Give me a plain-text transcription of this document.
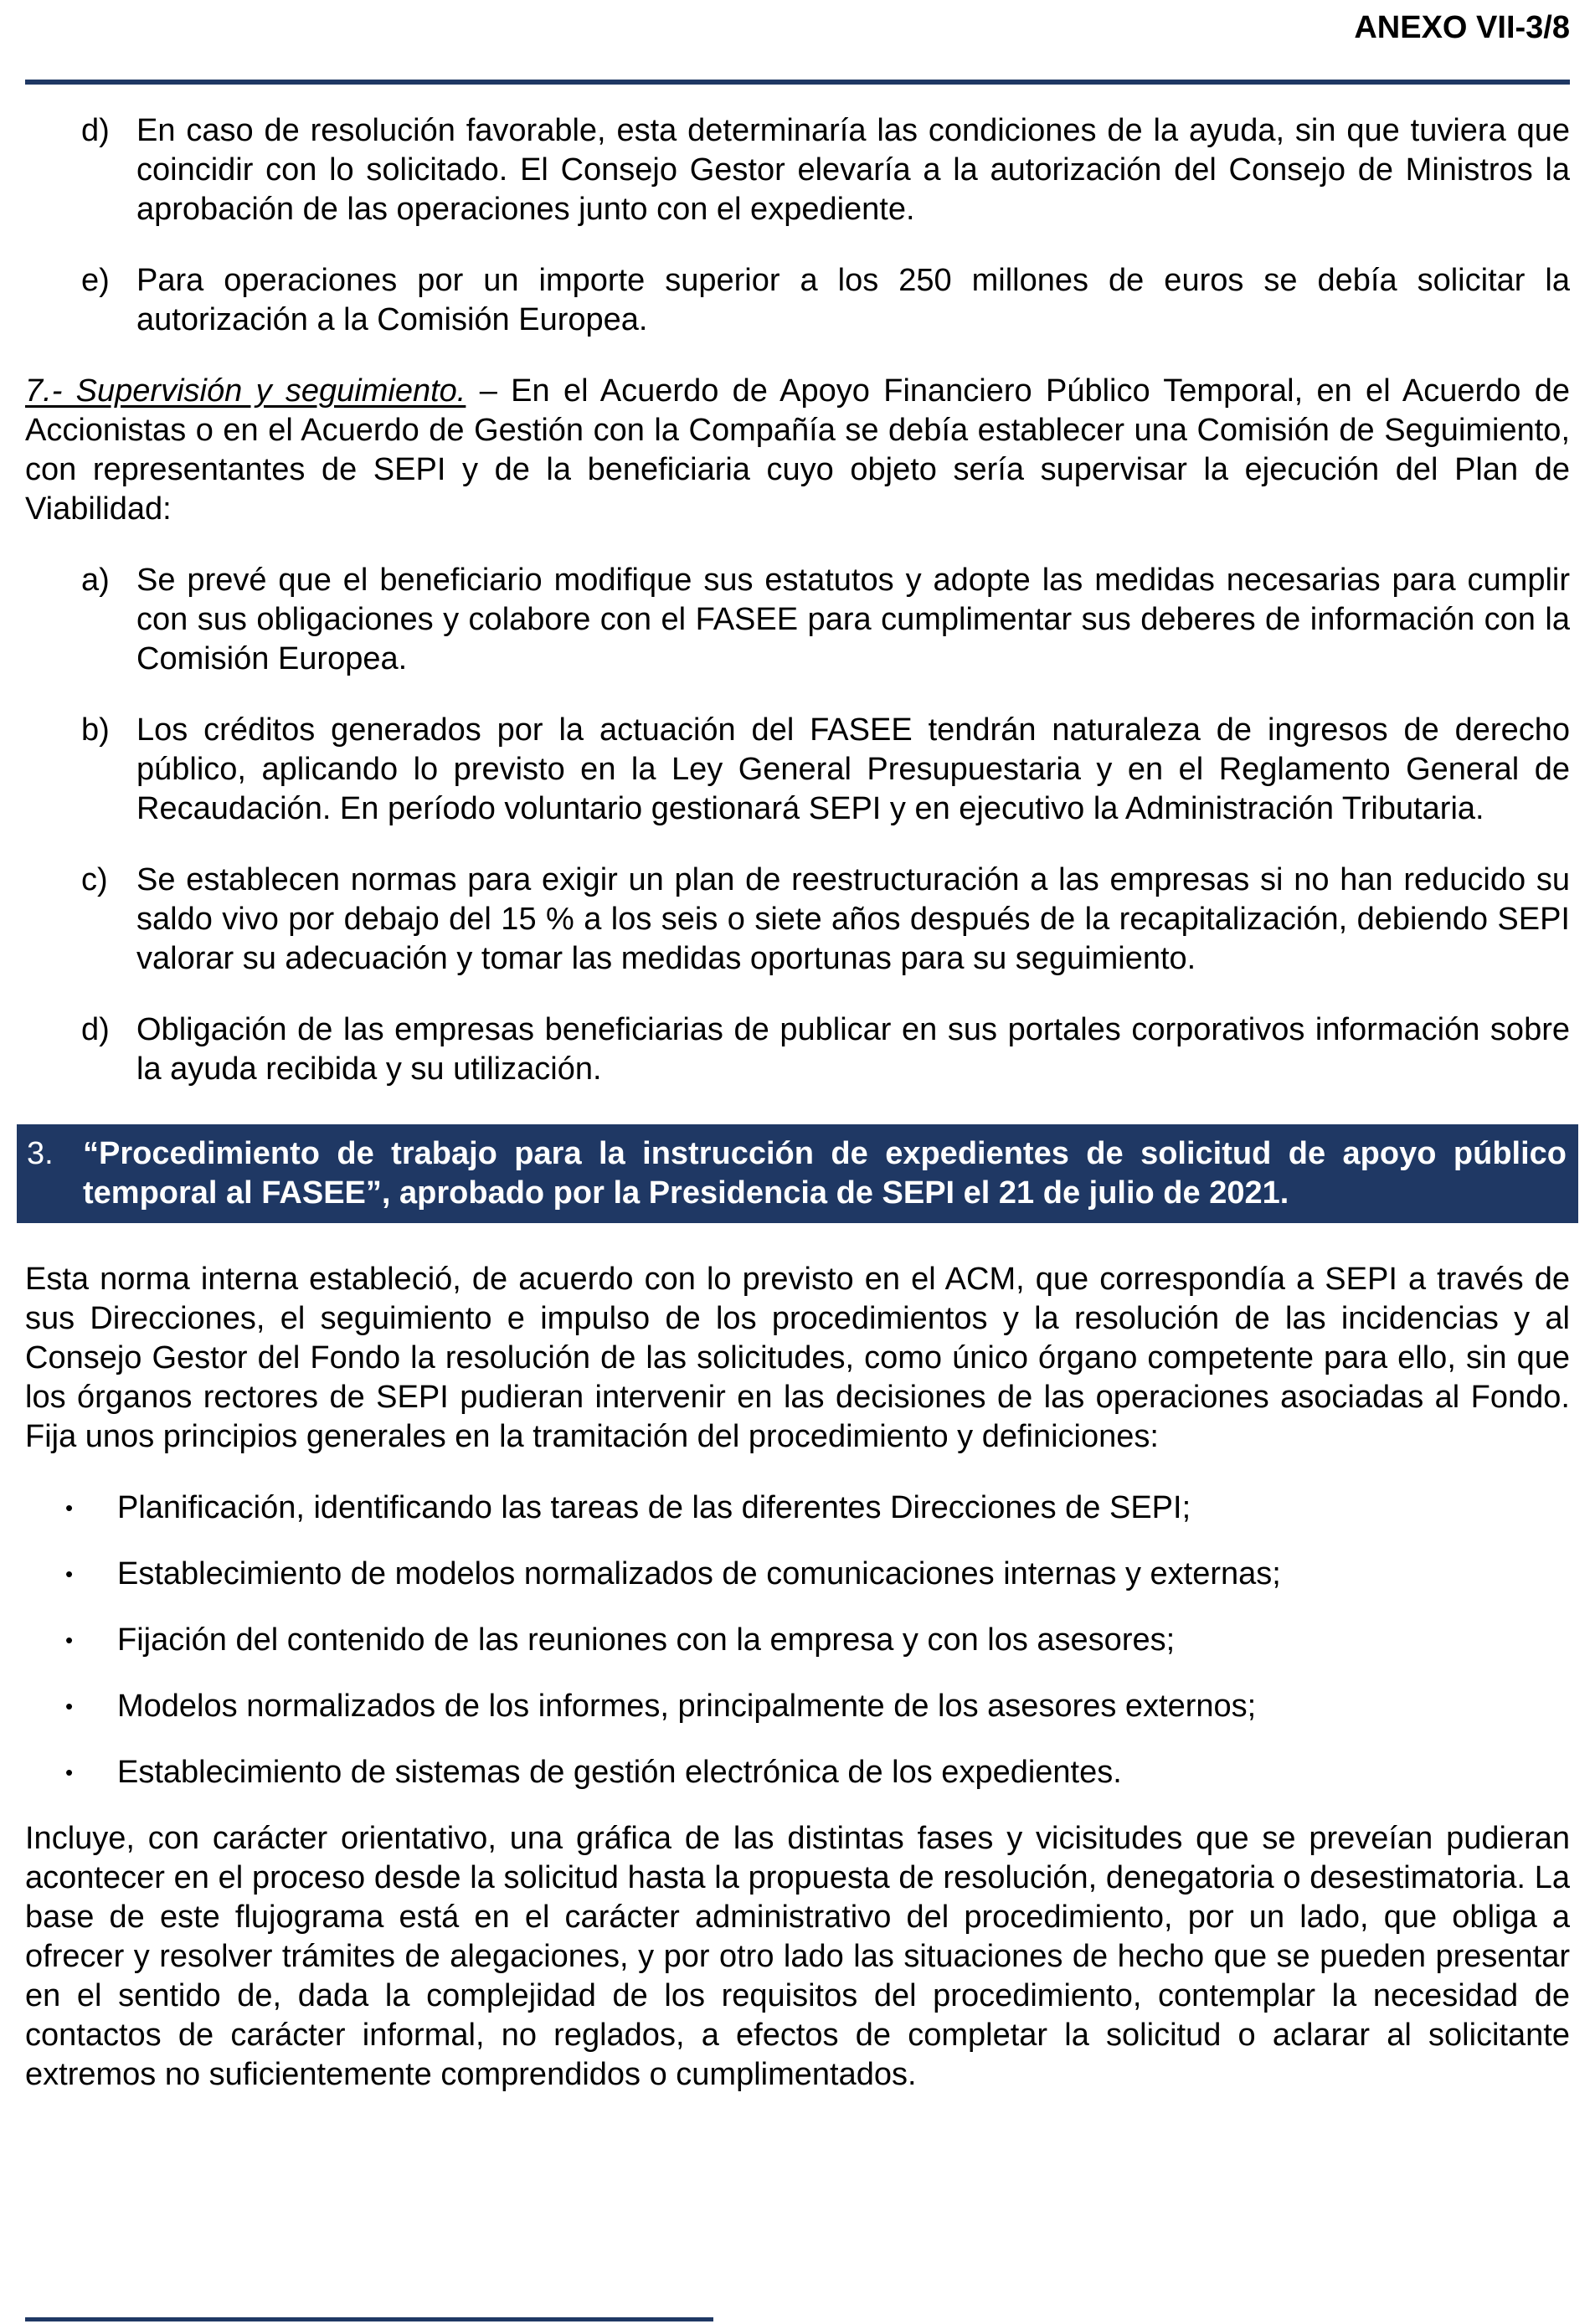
ANEXO VII-3/8
d) En caso de resolución favorable, esta determinaría las condiciones de la ayuda, sin que tuviera que coincidir con lo solicitado. El Consejo Gestor elevaría a la autorización del Consejo de Ministros la aprobación de las operaciones junto con el expediente.
e) Para operaciones por un importe superior a los 250 millones de euros se debía solicitar la autorización a la Comisión Europea.
7.- Supervisión y seguimiento. – En el Acuerdo de Apoyo Financiero Público Temporal, en el Acuerdo de Accionistas o en el Acuerdo de Gestión con la Compañía se debía establecer una Comisión de Seguimiento, con representantes de SEPI y de la beneficiaria cuyo objeto sería supervisar la ejecución del Plan de Viabilidad:
a) Se prevé que el beneficiario modifique sus estatutos y adopte las medidas necesarias para cumplir con sus obligaciones y colabore con el FASEE para cumplimentar sus deberes de información con la Comisión Europea.
b) Los créditos generados por la actuación del FASEE tendrán naturaleza de ingresos de derecho público, aplicando lo previsto en la Ley General Presupuestaria y en el Reglamento General de Recaudación. En período voluntario gestionará SEPI y en ejecutivo la Administración Tributaria.
c) Se establecen normas para exigir un plan de reestructuración a las empresas si no han reducido su saldo vivo por debajo del 15 % a los seis o siete años después de la recapitalización, debiendo SEPI valorar su adecuación y tomar las medidas oportunas para su seguimiento.
d) Obligación de las empresas beneficiarias de publicar en sus portales corporativos información sobre la ayuda recibida y su utilización.
3. “Procedimiento de trabajo para la instrucción de expedientes de solicitud de apoyo público temporal al FASEE”, aprobado por la Presidencia de SEPI el 21 de julio de 2021.
Esta norma interna estableció, de acuerdo con lo previsto en el ACM, que correspondía a SEPI a través de sus Direcciones, el seguimiento e impulso de los procedimientos y la resolución de las incidencias y al Consejo Gestor del Fondo la resolución de las solicitudes, como único órgano competente para ello, sin que los órganos rectores de SEPI pudieran intervenir en las decisiones de las operaciones asociadas al Fondo. Fija unos principios generales en la tramitación del procedimiento y definiciones:
•	Planificación, identificando las tareas de las diferentes Direcciones de SEPI;
•	Establecimiento de modelos normalizados de comunicaciones internas y externas;
•	Fijación del contenido de las reuniones con la empresa y con los asesores;
•	Modelos normalizados de los informes, principalmente de los asesores externos;
•	Establecimiento de sistemas de gestión electrónica de los expedientes.
Incluye, con carácter orientativo, una gráfica de las distintas fases y vicisitudes que se preveían pudieran acontecer en el proceso desde la solicitud hasta la propuesta de resolución, denegatoria o desestimatoria. La base de este flujograma está en el carácter administrativo del procedimiento, por un lado, que obliga a ofrecer y resolver trámites de alegaciones, y por otro lado las situaciones de hecho que se pueden presentar en el sentido de, dada la complejidad de los requisitos del procedimiento, contemplar la necesidad de contactos de carácter informal, no reglados, a efectos de completar la solicitud o aclarar al solicitante extremos no suficientemente comprendidos o cumplimentados.
